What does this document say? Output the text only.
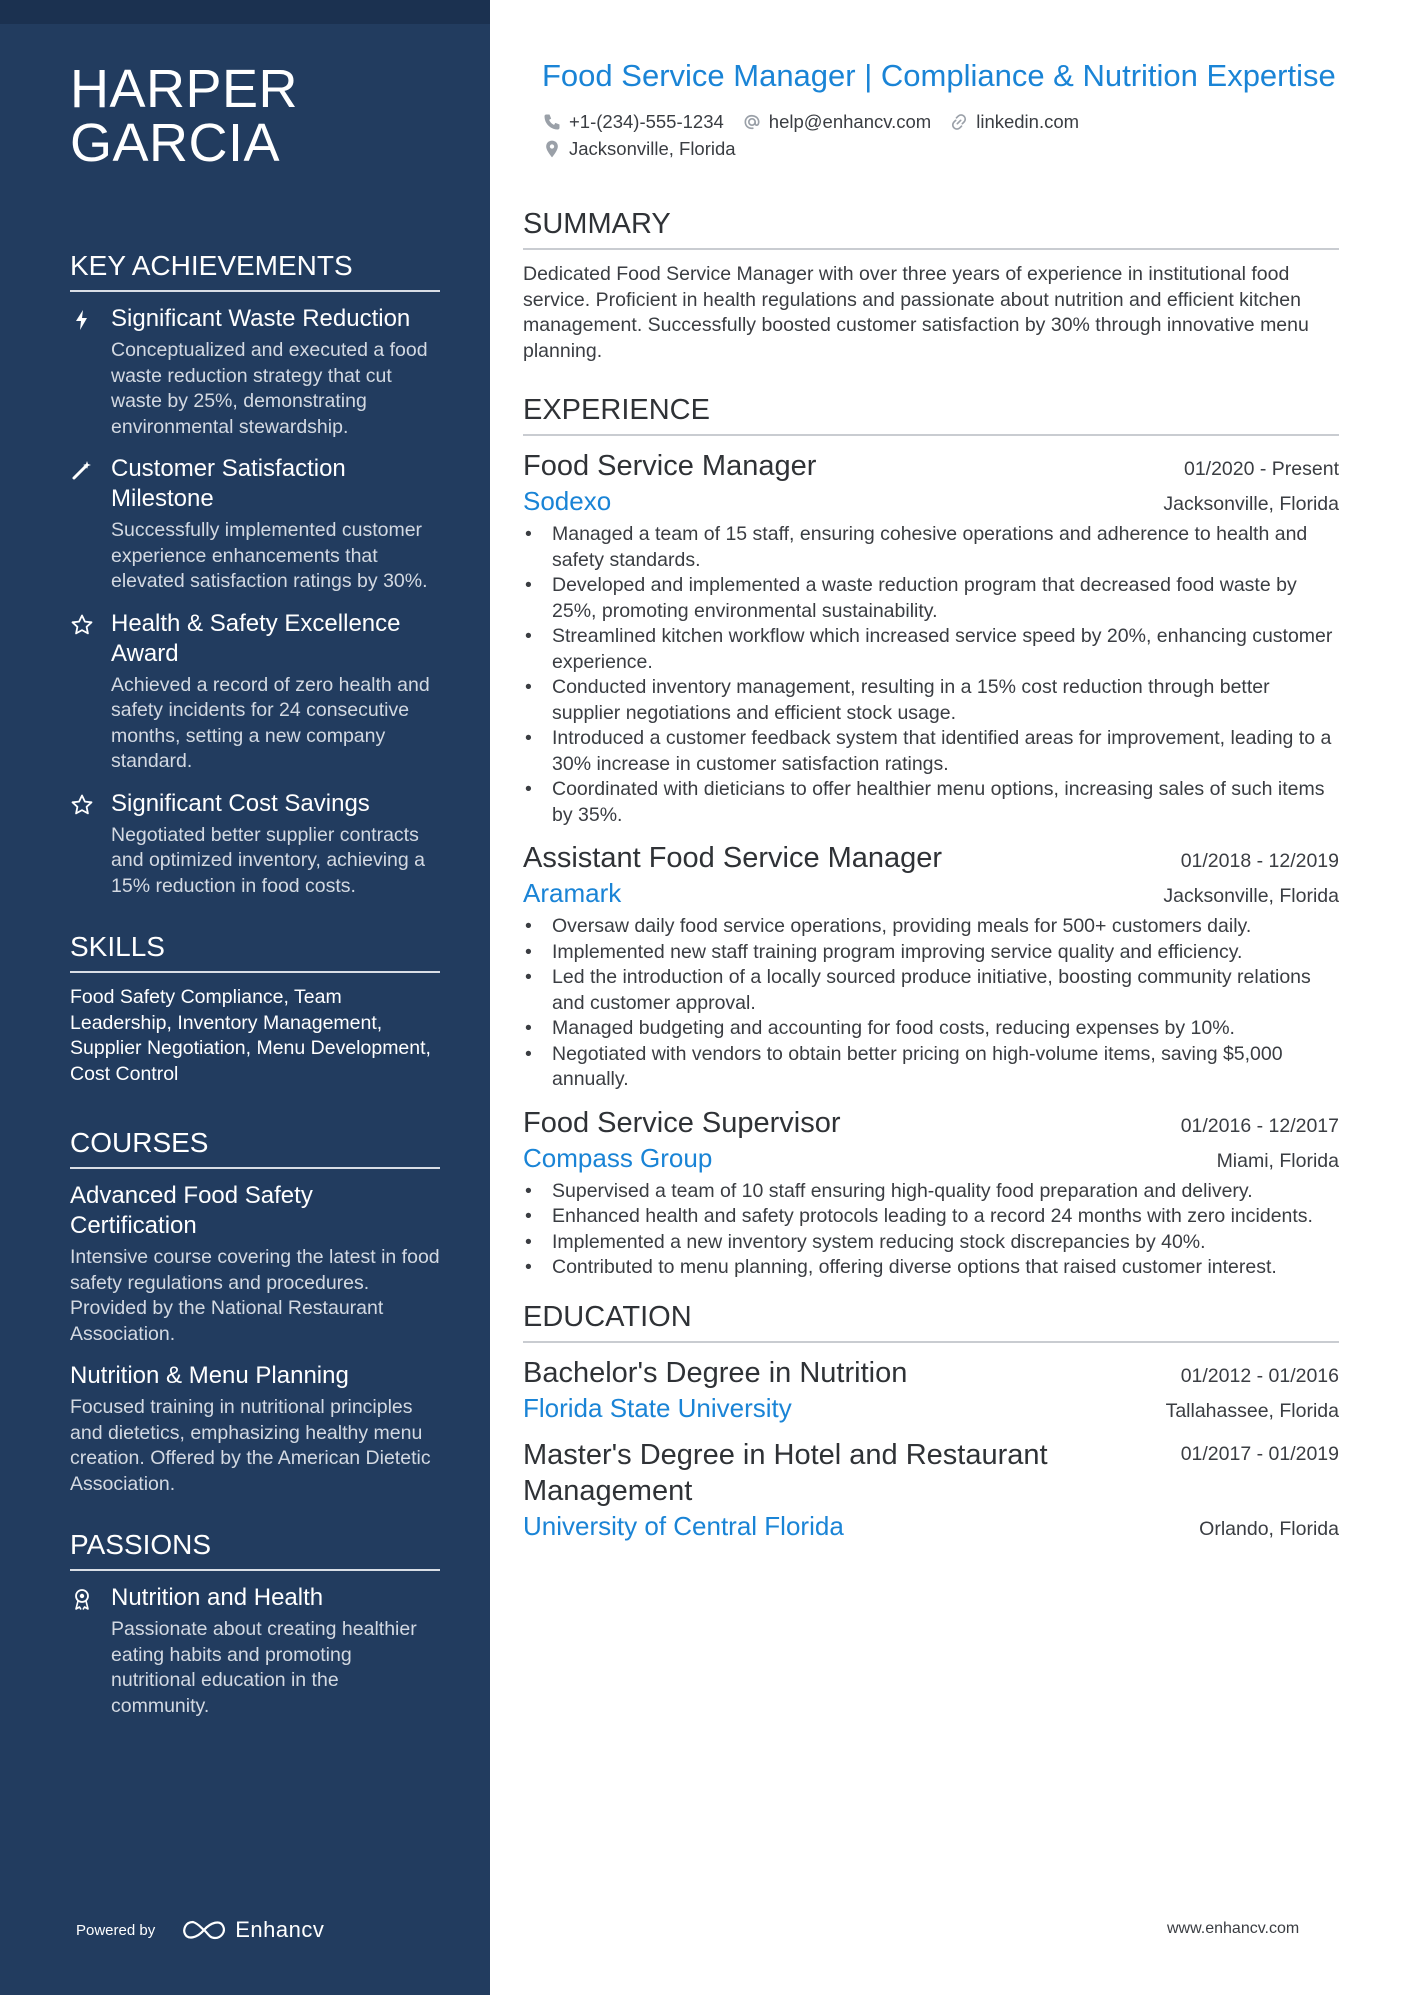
HARPER GARCIA
KEY ACHIEVEMENTS
Significant Waste Reduction
Conceptualized and executed a food waste reduction strategy that cut waste by 25%, demonstrating environmental stewardship.
Customer Satisfaction Milestone
Successfully implemented customer experience enhancements that elevated satisfaction ratings by 30%.
Health & Safety Excellence Award
Achieved a record of zero health and safety incidents for 24 consecutive months, setting a new company standard.
Significant Cost Savings
Negotiated better supplier contracts and optimized inventory, achieving a 15% reduction in food costs.
SKILLS
Food Safety Compliance, Team Leadership, Inventory Management, Supplier Negotiation, Menu Development, Cost Control
COURSES
Advanced Food Safety Certification
Intensive course covering the latest in food safety regulations and procedures. Provided by the National Restaurant Association.
Nutrition & Menu Planning
Focused training in nutritional principles and dietetics, emphasizing healthy menu creation. Offered by the American Dietetic Association.
PASSIONS
Nutrition and Health
Passionate about creating healthier eating habits and promoting nutritional education in the community.
Powered by	Enhancv
Food Service Manager | Compliance & Nutrition Expertise
+1-(234)-555-1234 help@enhancv.com linkedin.com
Jacksonville, Florida
SUMMARY
Dedicated Food Service Manager with over three years of experience in institutional food service. Proficient in health regulations and passionate about nutrition and efficient kitchen management. Successfully boosted customer satisfaction by 30% through innovative menu planning.
EXPERIENCE
Food Service Manager	01/2020 - Present
Sodexo	Jacksonville, Florida
• Managed a team of 15 staff, ensuring cohesive operations and adherence to health and safety standards.
• Developed and implemented a waste reduction program that decreased food waste by 25%, promoting environmental sustainability.
• Streamlined kitchen workflow which increased service speed by 20%, enhancing customer experience.
• Conducted inventory management, resulting in a 15% cost reduction through better supplier negotiations and efficient stock usage.
• Introduced a customer feedback system that identified areas for improvement, leading to a 30% increase in customer satisfaction ratings.
• Coordinated with dieticians to offer healthier menu options, increasing sales of such items by 35%.
Assistant Food Service Manager	01/2018 - 12/2019
Aramark	Jacksonville, Florida
• Oversaw daily food service operations, providing meals for 500+ customers daily.
• Implemented new staff training program improving service quality and efficiency.
• Led the introduction of a locally sourced produce initiative, boosting community relations and customer approval.
• Managed budgeting and accounting for food costs, reducing expenses by 10%.
• Negotiated with vendors to obtain better pricing on high-volume items, saving $5,000 annually.
Food Service Supervisor	01/2016 - 12/2017
Compass Group	Miami, Florida
• Supervised a team of 10 staff ensuring high-quality food preparation and delivery.
• Enhanced health and safety protocols leading to a record 24 months with zero incidents.
• Implemented a new inventory system reducing stock discrepancies by 40%.
• Contributed to menu planning, offering diverse options that raised customer interest.
EDUCATION
Bachelor's Degree in Nutrition	01/2012 - 01/2016
Florida State University	Tallahassee, Florida
Master's Degree in Hotel and Restaurant Management
01/2017 - 01/2019
University of Central Florida	Orlando, Florida
www.enhancv.com
